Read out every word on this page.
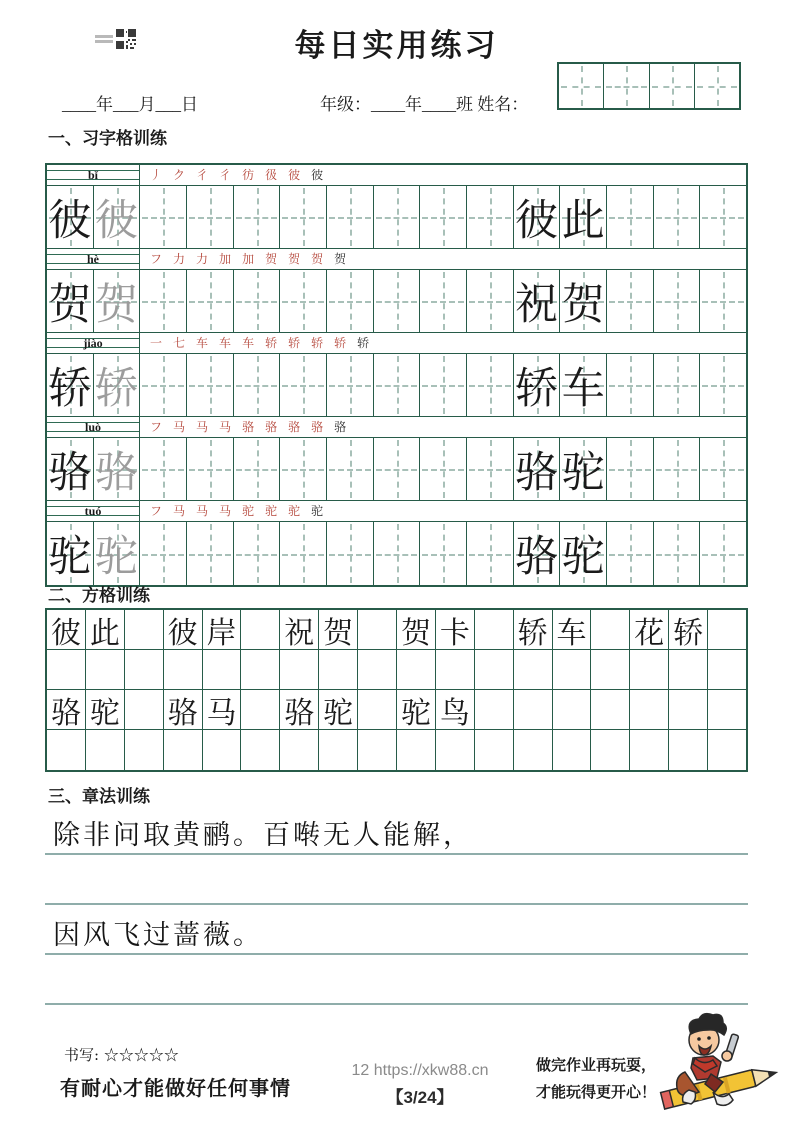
每日实用练习
____年___月___日	年级：____年____班 姓名：
一、习字格训练
bǐ	丿 ク 彳 彳 彷 彶 彼 彼
彼 彼	彼 此
hè	フ 力 力 加 加 贺 贺 贺 贺
贺 贺	祝 贺
jiào	一 七 车 车 车 轿 轿 轿 轿 轿
轿 轿	轿 车
luò	フ 马 马 马 骆 骆 骆 骆 骆
骆 骆	骆 驼
tuó	フ 马 马 马 驼 驼 驼 驼
驼 驼	骆 驼
二、方格训练
彼 此 彼 岸 祝 贺 贺 卡 轿 车 花 轿
骆 驼 骆 马 骆 驼 驼 鸟
三、章法训练
除非问取黄鹂。百啭无人能解，
因风飞过蔷薇。
书写: ☆☆☆☆☆
有耐心才能做好任何事情
12 https://xkw88.cn
【3/24】
做完作业再玩耍，
才能玩得更开心！
